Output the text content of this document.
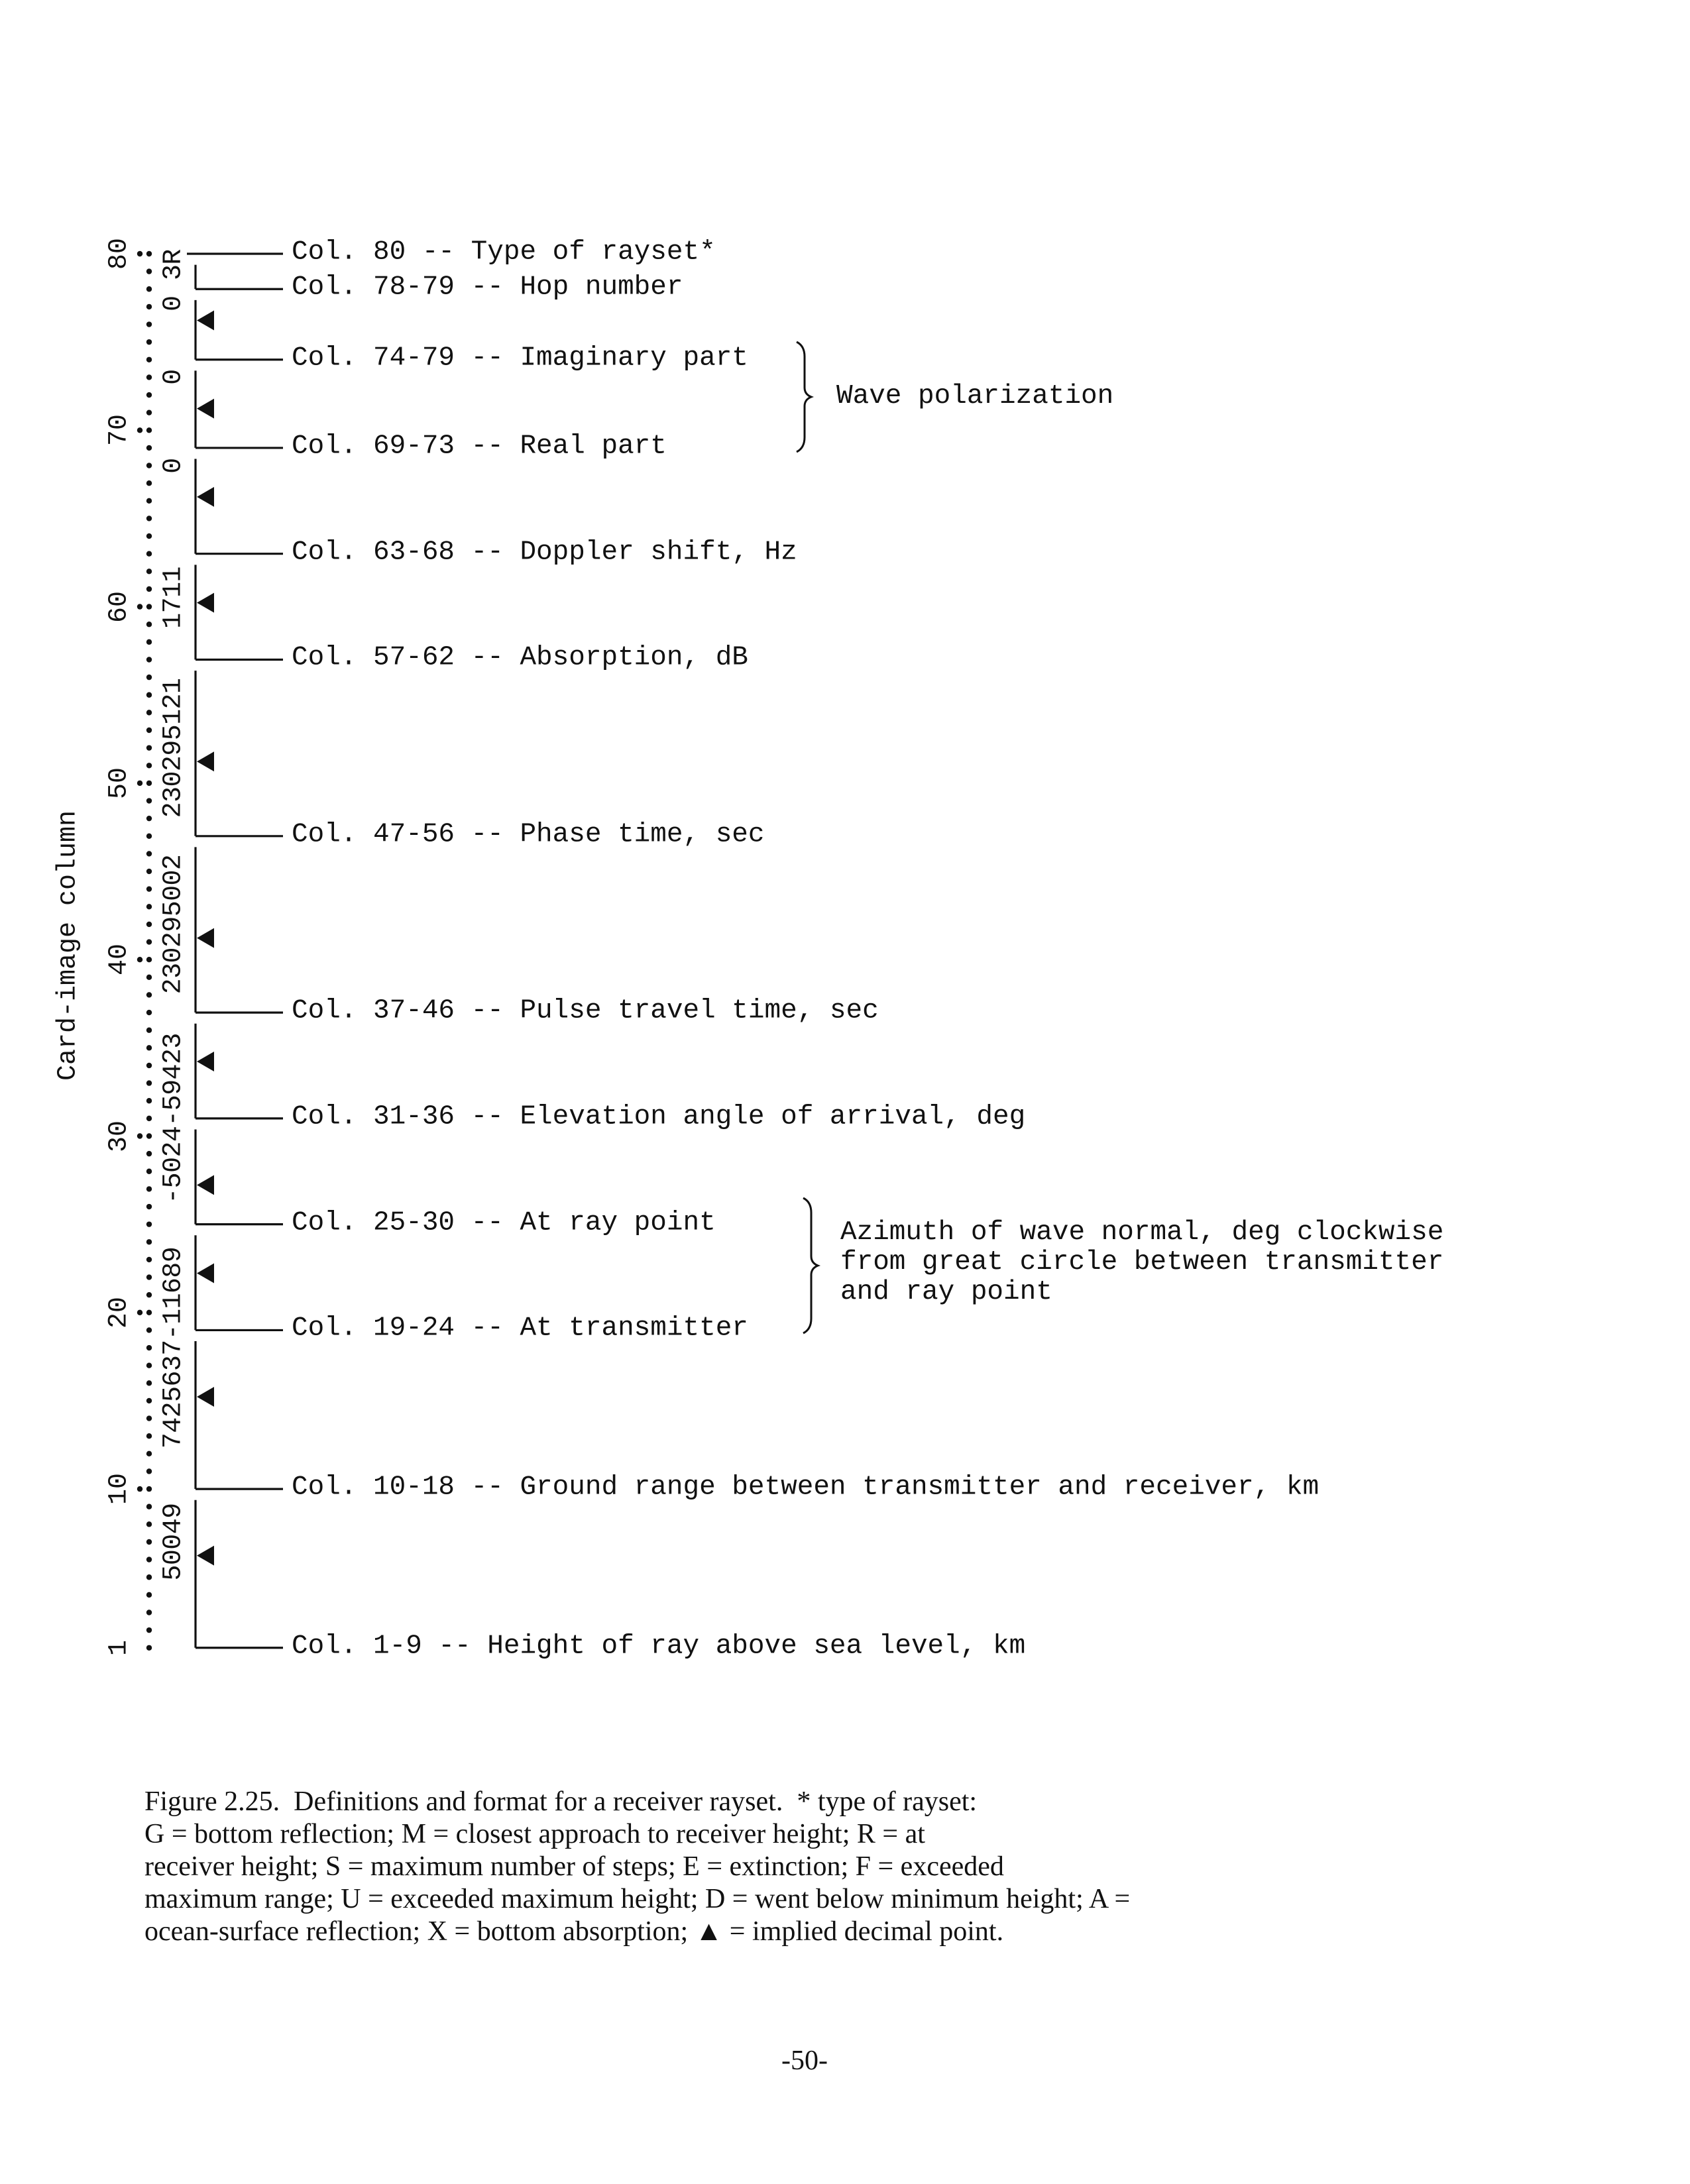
1
10
20
30
40
50
60
70
80
50049
7425637-11689
-5024-59423
230295002
230295121
1711
0
0
0 3R
Card-image column
Col. 80 -- Type of rayset*
Col. 78-79 -- Hop number
Col. 74-79 -- Imaginary part
Col. 69-73 -- Real part
Col. 63-68 -- Doppler shift, Hz
Col. 57-62 -- Absorption, dB
Col. 47-56 -- Phase time, sec
Col. 37-46 -- Pulse travel time, sec
Col. 31-36 -- Elevation angle of arrival, deg
Col. 25-30 -- At ray point
Col. 19-24 -- At transmitter
Col. 10-18 -- Ground range between transmitter and receiver, km
Col. 1-9 -- Height of ray above sea level, km
Wave polarization
Azimuth of wave normal, deg clockwise
from great circle between transmitter
and ray point
Figure 2.25.  Definitions and format for a receiver rayset.  * type of rayset:
G = bottom reflection; M = closest approach to receiver height; R = at
receiver height; S = maximum number of steps; E = extinction; F = exceeded
maximum range; U = exceeded maximum height; D = went below minimum height; A =
ocean-surface reflection; X = bottom absorption; ▲ = implied decimal point.
-50-
